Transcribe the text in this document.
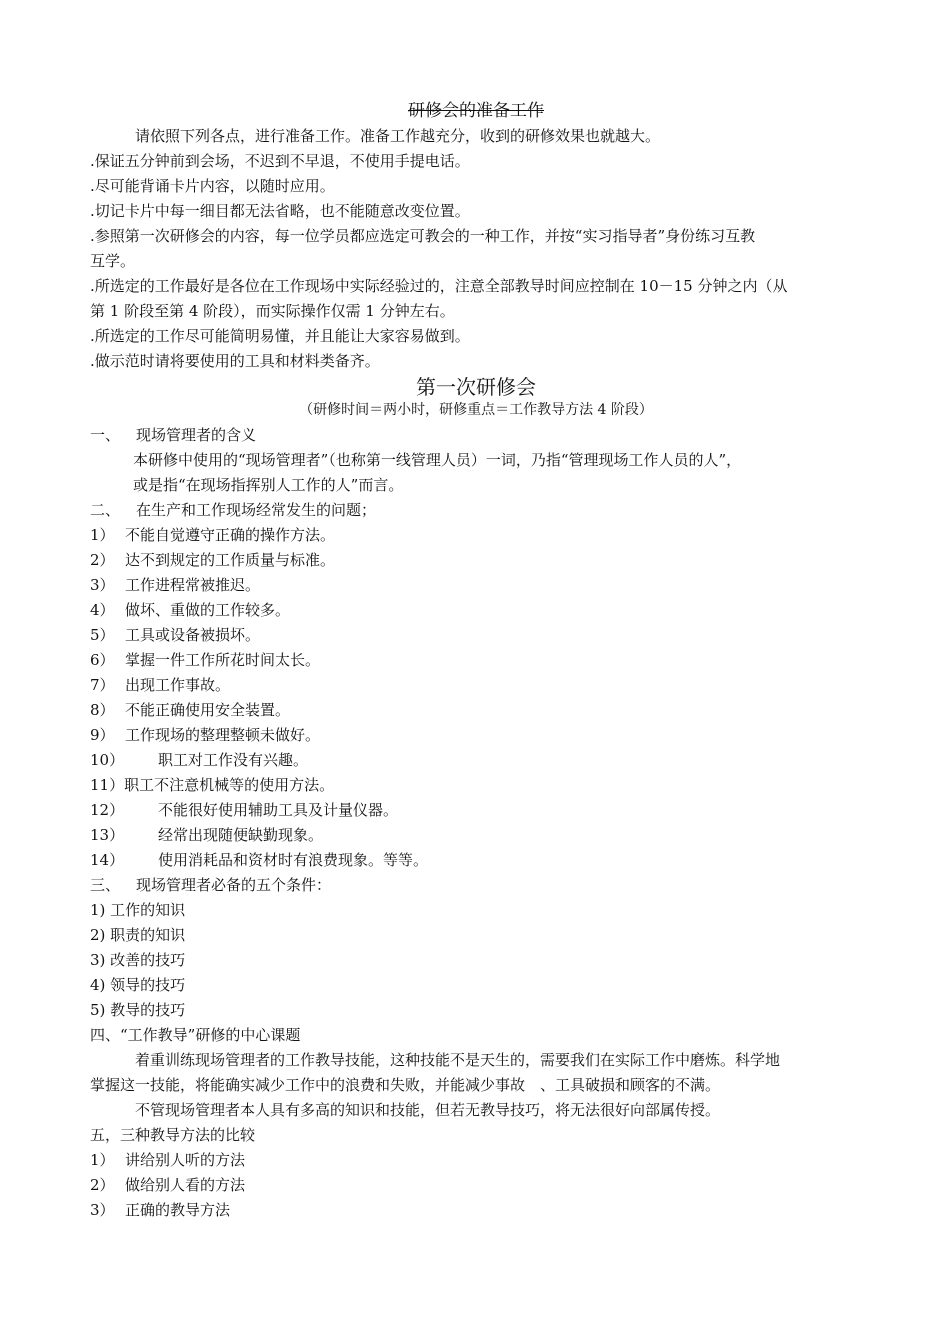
研修会的准备工作
请依照下列各点，进行准备工作。准备工作越充分，收到的研修效果也就越大。
.保证五分钟前到会场，不迟到不早退，不使用手提电话。
.尽可能背诵卡片内容，以随时应用。
.切记卡片中每一细目都无法省略，也不能随意改变位置。
.参照第一次研修会的内容，每一位学员都应选定可教会的一种工作，并按“实习指导者”身份练习互教
互学。
.所选定的工作最好是各位在工作现场中实际经验过的，注意全部教导时间应控制在 10－15 分钟之内（从
第 1 阶段至第 4 阶段），而实际操作仅需 1 分钟左右。
.所选定的工作尽可能简明易懂，并且能让大家容易做到。
.做示范时请将要使用的工具和材料类备齐。
第一次研修会
（研修时间＝两小时，研修重点＝工作教导方法 4 阶段）
一、 现场管理者的含义
本研修中使用的“现场管理者”（也称第一线管理人员）一词，乃指“管理现场工作人员的人”，
或是指“在现场指挥别人工作的人”而言。
二、 在生产和工作现场经常发生的问题；
1） 不能自觉遵守正确的操作方法。
2） 达不到规定的工作质量与标准。
3） 工作进程常被推迟。
4） 做坏、重做的工作较多。
5） 工具或设备被损坏。
6） 掌握一件工作所花时间太长。
7） 出现工作事故。
8） 不能正确使用安全装置。
9） 工作现场的整理整顿未做好。
10） 职工对工作没有兴趣。
11）职工不注意机械等的使用方法。
12） 不能很好使用辅助工具及计量仪器。
13） 经常出现随便缺勤现象。
14） 使用消耗品和资材时有浪费现象。等等。
三、 现场管理者必备的五个条件：
1) 工作的知识
2) 职责的知识
3) 改善的技巧
4) 领导的技巧
5) 教导的技巧
四、“工作教导”研修的中心课题
着重训练现场管理者的工作教导技能，这种技能不是天生的，需要我们在实际工作中磨炼。科学地
掌握这一技能，将能确实减少工作中的浪费和失败，并能减少事故　、工具破损和顾客的不满。
不管现场管理者本人具有多高的知识和技能，但若无教导技巧，将无法很好向部属传授。
五，三种教导方法的比较
1） 讲给别人听的方法
2） 做给别人看的方法
3） 正确的教导方法
